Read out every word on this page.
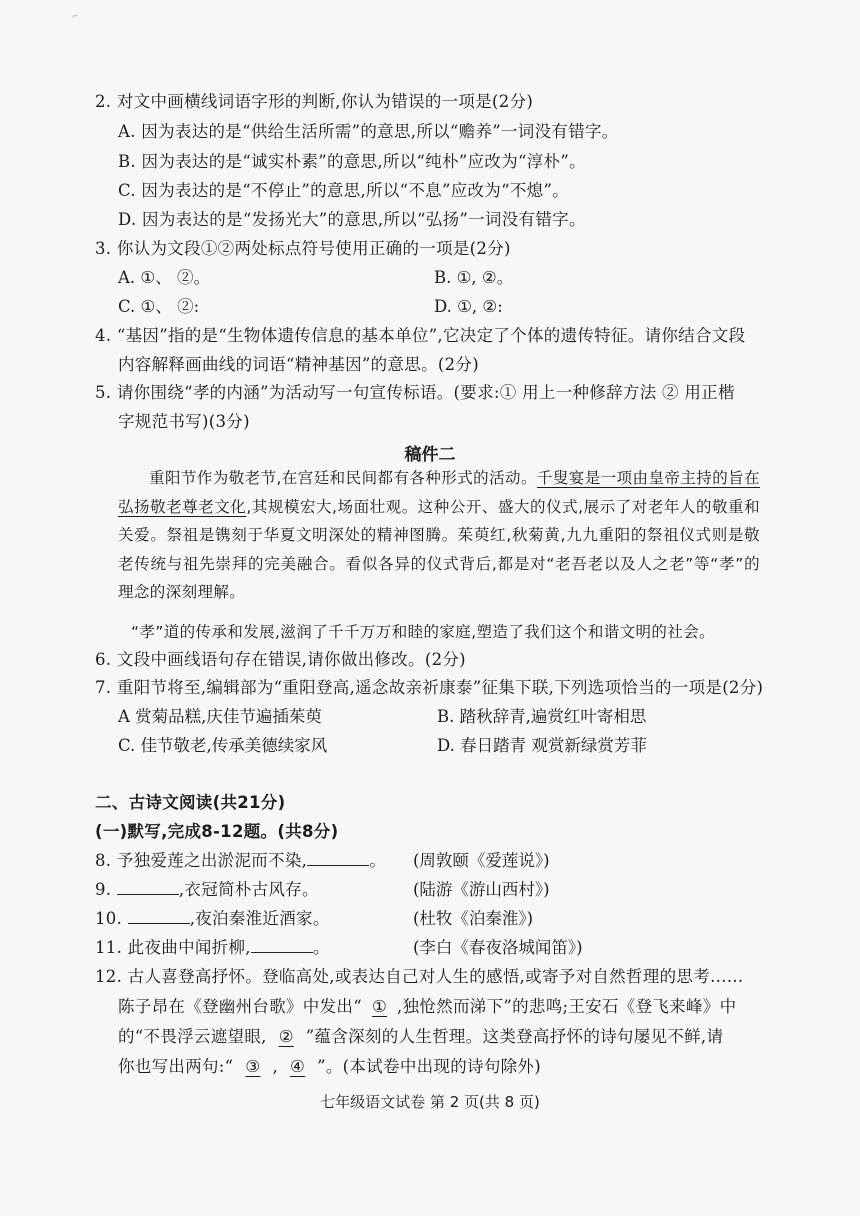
⌐
2. 对文中画横线词语字形的判断,你认为错误的一项是(2分)
A. 因为表达的是“供给生活所需”的意思,所以“赡养”一词没有错字。
B. 因为表达的是“诚实朴素”的意思,所以“纯朴”应改为“淳朴”。
C. 因为表达的是“不停止”的意思,所以“不息”应改为“不熄”。
D. 因为表达的是“发扬光大”的意思,所以“弘扬”一词没有错字。
3. 你认为文段①②两处标点符号使用正确的一项是(2分)
A. ①、 ②。	B. ①, ②。
C. ①、 ②:	D. ①, ②:
4. “基因”指的是“生物体遗传信息的基本单位”,它决定了个体的遗传特征。请你结合文段
内容解释画曲线的词语“精神基因”的意思。(2分)
5. 请你围绕“孝的内涵”为活动写一句宣传标语。(要求:① 用上一种修辞方法 ② 用正楷
字规范书写)(3分)
稿件二
重阳节作为敬老节,在宫廷和民间都有各种形式的活动。千叟宴是一项由皇帝主持的旨在弘扬敬老尊老文化,其规模宏大,场面壮观。这种公开、盛大的仪式,展示了对老年人的敬重和关爱。祭祖是镌刻于华夏文明深处的精神图腾。茱萸红,秋菊黄,九九重阳的祭祖仪式则是敬老传统与祖先崇拜的完美融合。看似各异的仪式背后,都是对“老吾老以及人之老”等“孝”的理念的深刻理解。
“孝”道的传承和发展,滋润了千千万万和睦的家庭,塑造了我们这个和谐文明的社会。
6. 文段中画线语句存在错误,请你做出修改。(2分)
7. 重阳节将至,编辑部为“重阳登高,遥念故亲祈康泰”征集下联,下列选项恰当的一项是(2分)
A 赏菊品糕,庆佳节遍插茱萸	B. 踏秋辞青,遍赏红叶寄相思
C. 佳节敬老,传承美德续家风	D. 春日踏青 观赏新绿赏芳菲
二、古诗文阅读(共21分)
(一)默写,完成8-12题。(共8分)
8. 予独爱莲之出淤泥而不染,	。 (周敦颐《爱莲说》)
9.	,衣冠简朴古风存。	(陆游《游山西村》)
10.	,夜泊秦淮近酒家。	(杜牧《泊秦淮》)
11. 此夜曲中闻折柳,	。	(李白《春夜洛城闻笛》)
12. 古人喜登高抒怀。登临高处,或表达自己对人生的感悟,或寄予对自然哲理的思考……
陈子昂在《登幽州台歌》中发出“ ① ,独怆然而涕下”的悲鸣;王安石《登飞来峰》中
的“不畏浮云遮望眼, ② ”蕴含深刻的人生哲理。这类登高抒怀的诗句屡见不鲜,请
你也写出两句:“ ③ , ④ ”。(本试卷中出现的诗句除外)
七年级语文试卷 第 2 页(共 8 页)
